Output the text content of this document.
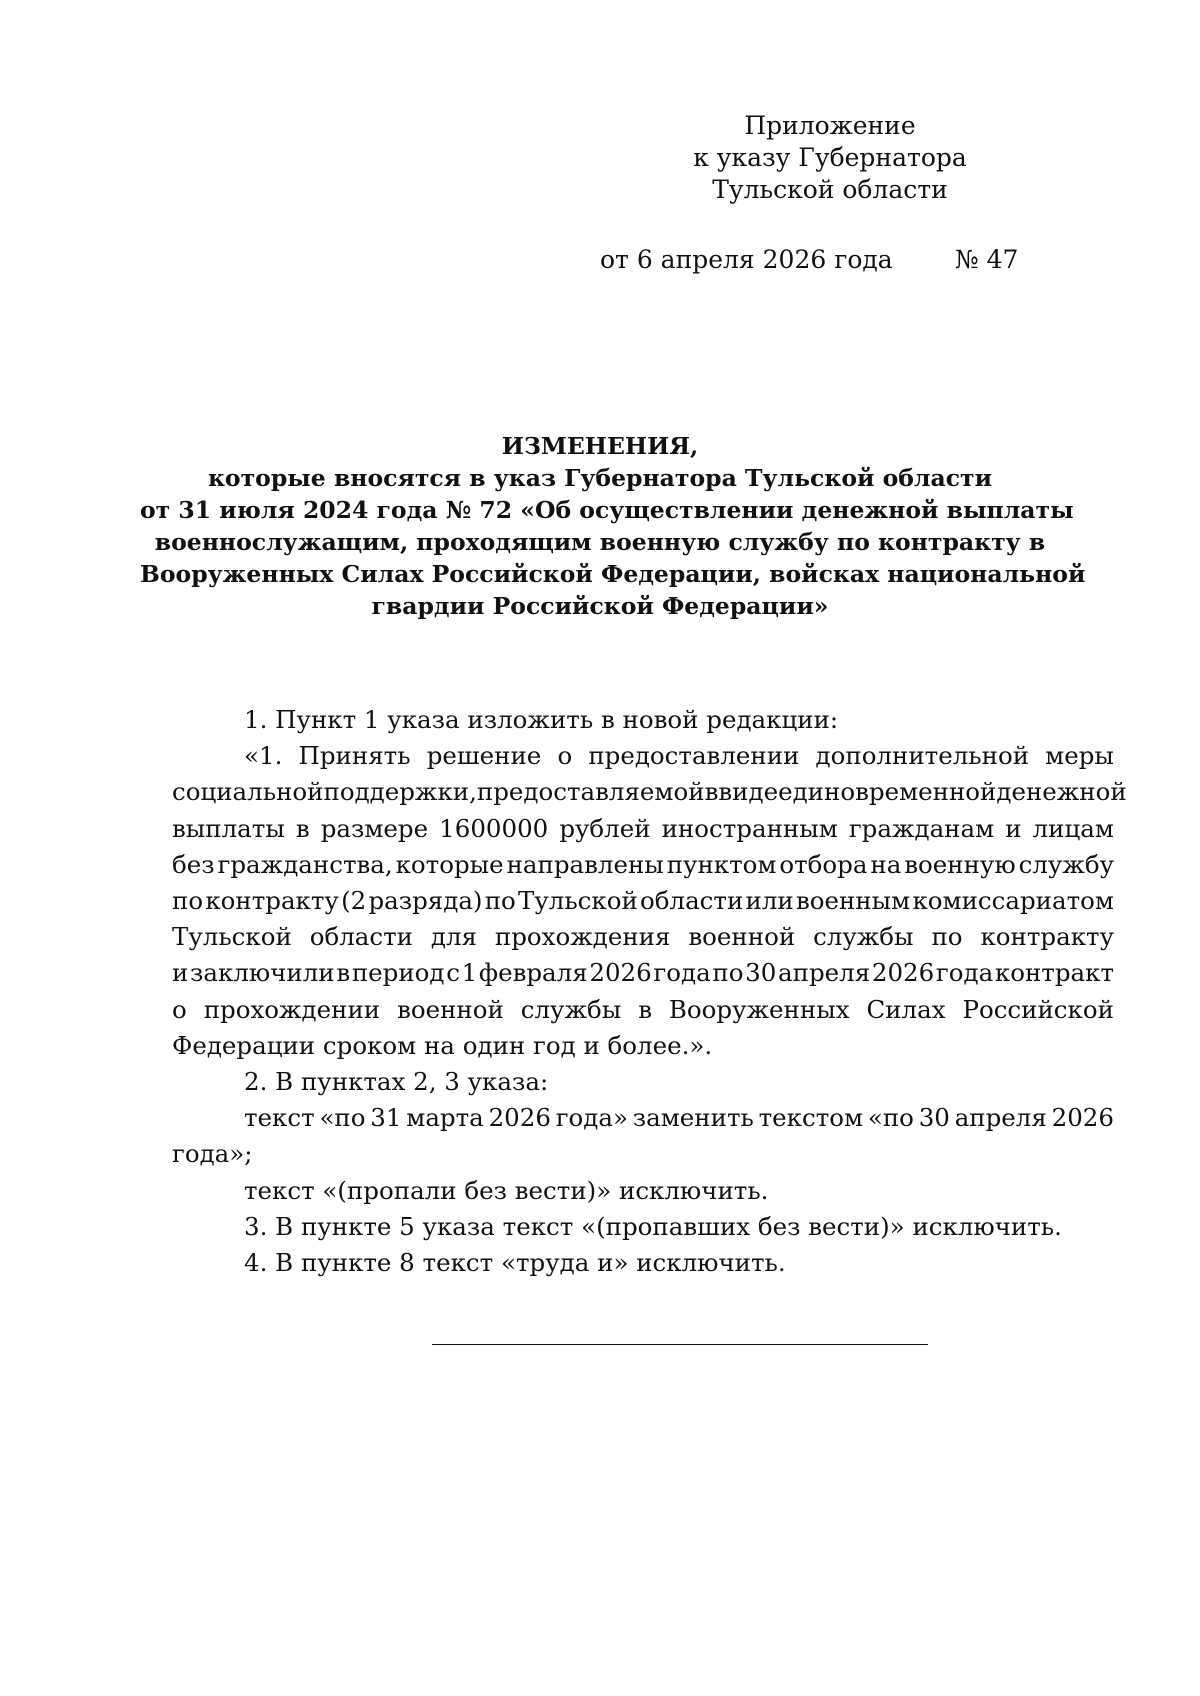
Приложение
к указу Губернатора
Тульской области
от 6 апреля 2026 года № 47
ИЗМЕНЕНИЯ,
которые вносятся в указ Губернатора Тульской области
от 31 июля 2024 года № 72 «Об осуществлении денежной выплаты
военнослужащим, проходящим военную службу по контракту в
Вооруженных Силах Российской Федерации, войсках национальной
гвардии Российской Федерации»
1. Пункт 1 указа изложить в новой редакции:
«1. Принять решение о предоставлении дополнительной меры
социальной поддержки, предоставляемой в виде единовременной денежной
выплаты в размере 1600000 рублей иностранным гражданам и лицам
без гражданства, которые направлены пунктом отбора на военную службу
по контракту (2 разряда) по Тульской области или военным комиссариатом
Тульской области для прохождения военной службы по контракту
и заключили в период с 1 февраля 2026 года по 30 апреля 2026 года контракт
о прохождении военной службы в Вооруженных Силах Российской
Федерации сроком на один год и более.».
2. В пунктах 2, 3 указа:
текст «по 31 марта 2026 года» заменить текстом «по 30 апреля 2026
года»;
текст «(пропали без вести)» исключить.
3. В пункте 5 указа текст «(пропавших без вести)» исключить.
4. В пункте 8 текст «труда и» исключить.
